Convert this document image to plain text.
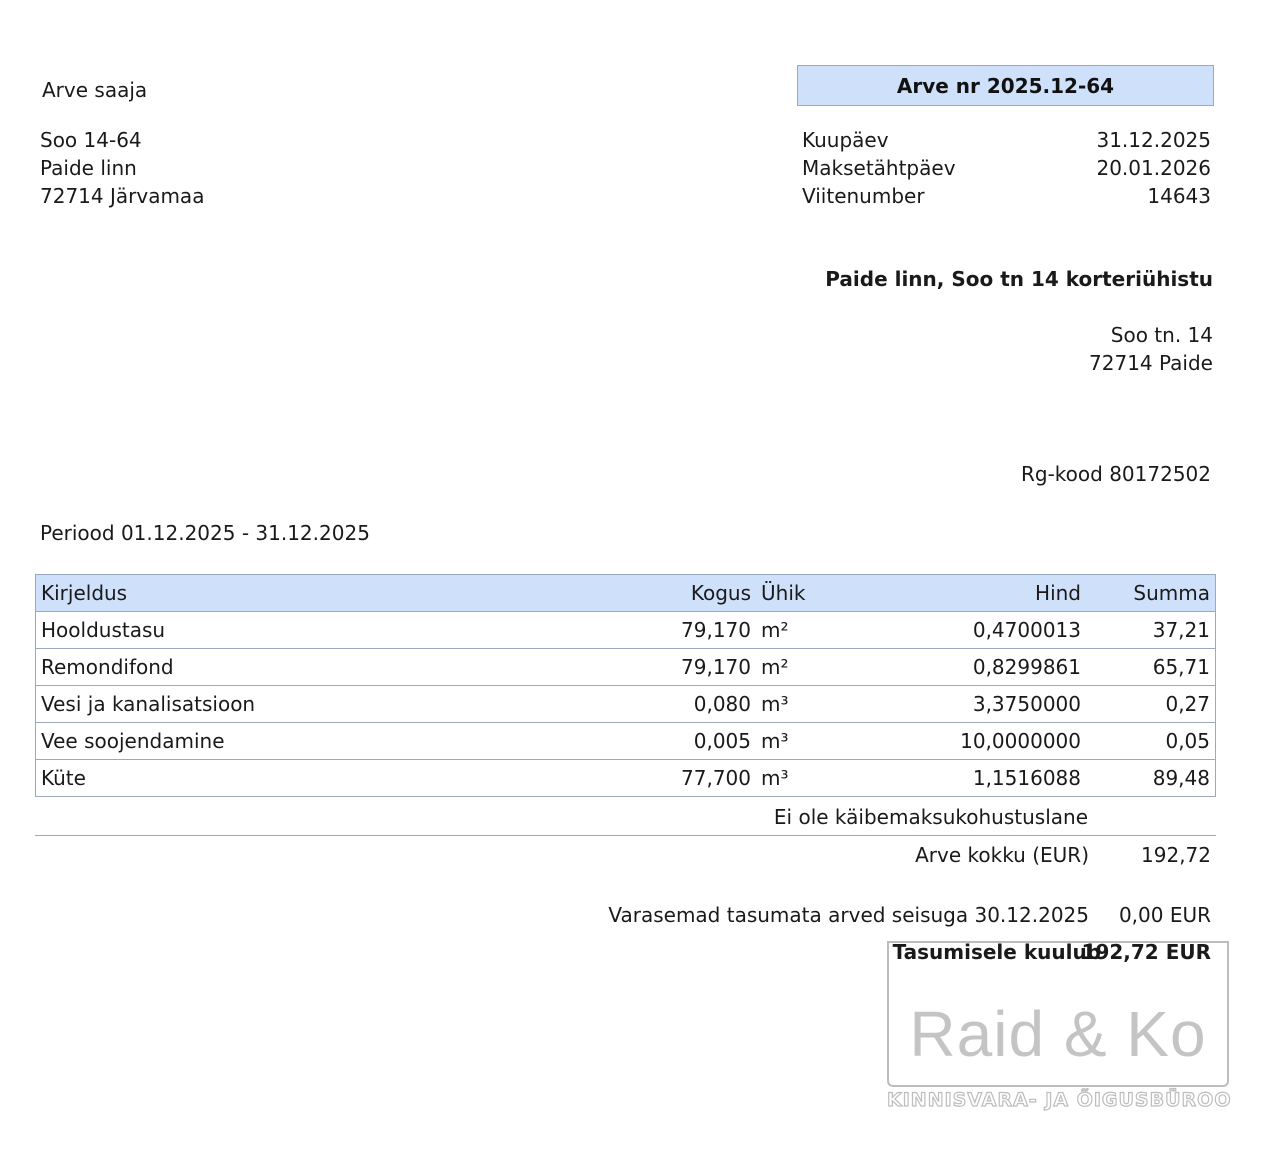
Arve saaja
Soo 14-64
Paide linn
72714 Järvamaa
Arve nr 2025.12-64
Kuupäev	31.12.2025
Maksetähtpäev	20.01.2026
Viitenumber	14643
Paide linn, Soo tn 14 korteriühistu
Soo tn. 14
72714 Paide
Rg-kood 80172502
Periood 01.12.2025 - 31.12.2025
Kirjeldus	Kogus	Ühik	Hind	Summa
Hooldustasu	79,170	m²	0,4700013	37,21
Remondifond	79,170	m²	0,8299861	65,71
Vesi ja kanalisatsioon	0,080	m³	3,3750000	0,27
Vee soojendamine	0,005	m³	10,0000000	0,05
Küte	77,700	m³	1,1516088	89,48
Ei ole käibemaksukohustuslane
Arve kokku (EUR)	192,72
Varasemad tasumata arved seisuga 30.12.2025 0,00 EUR
Tasumisele kuulub
192,72 EUR
Raid & Ko
KINNISVARA- JA ÕIGUSBÜROO
